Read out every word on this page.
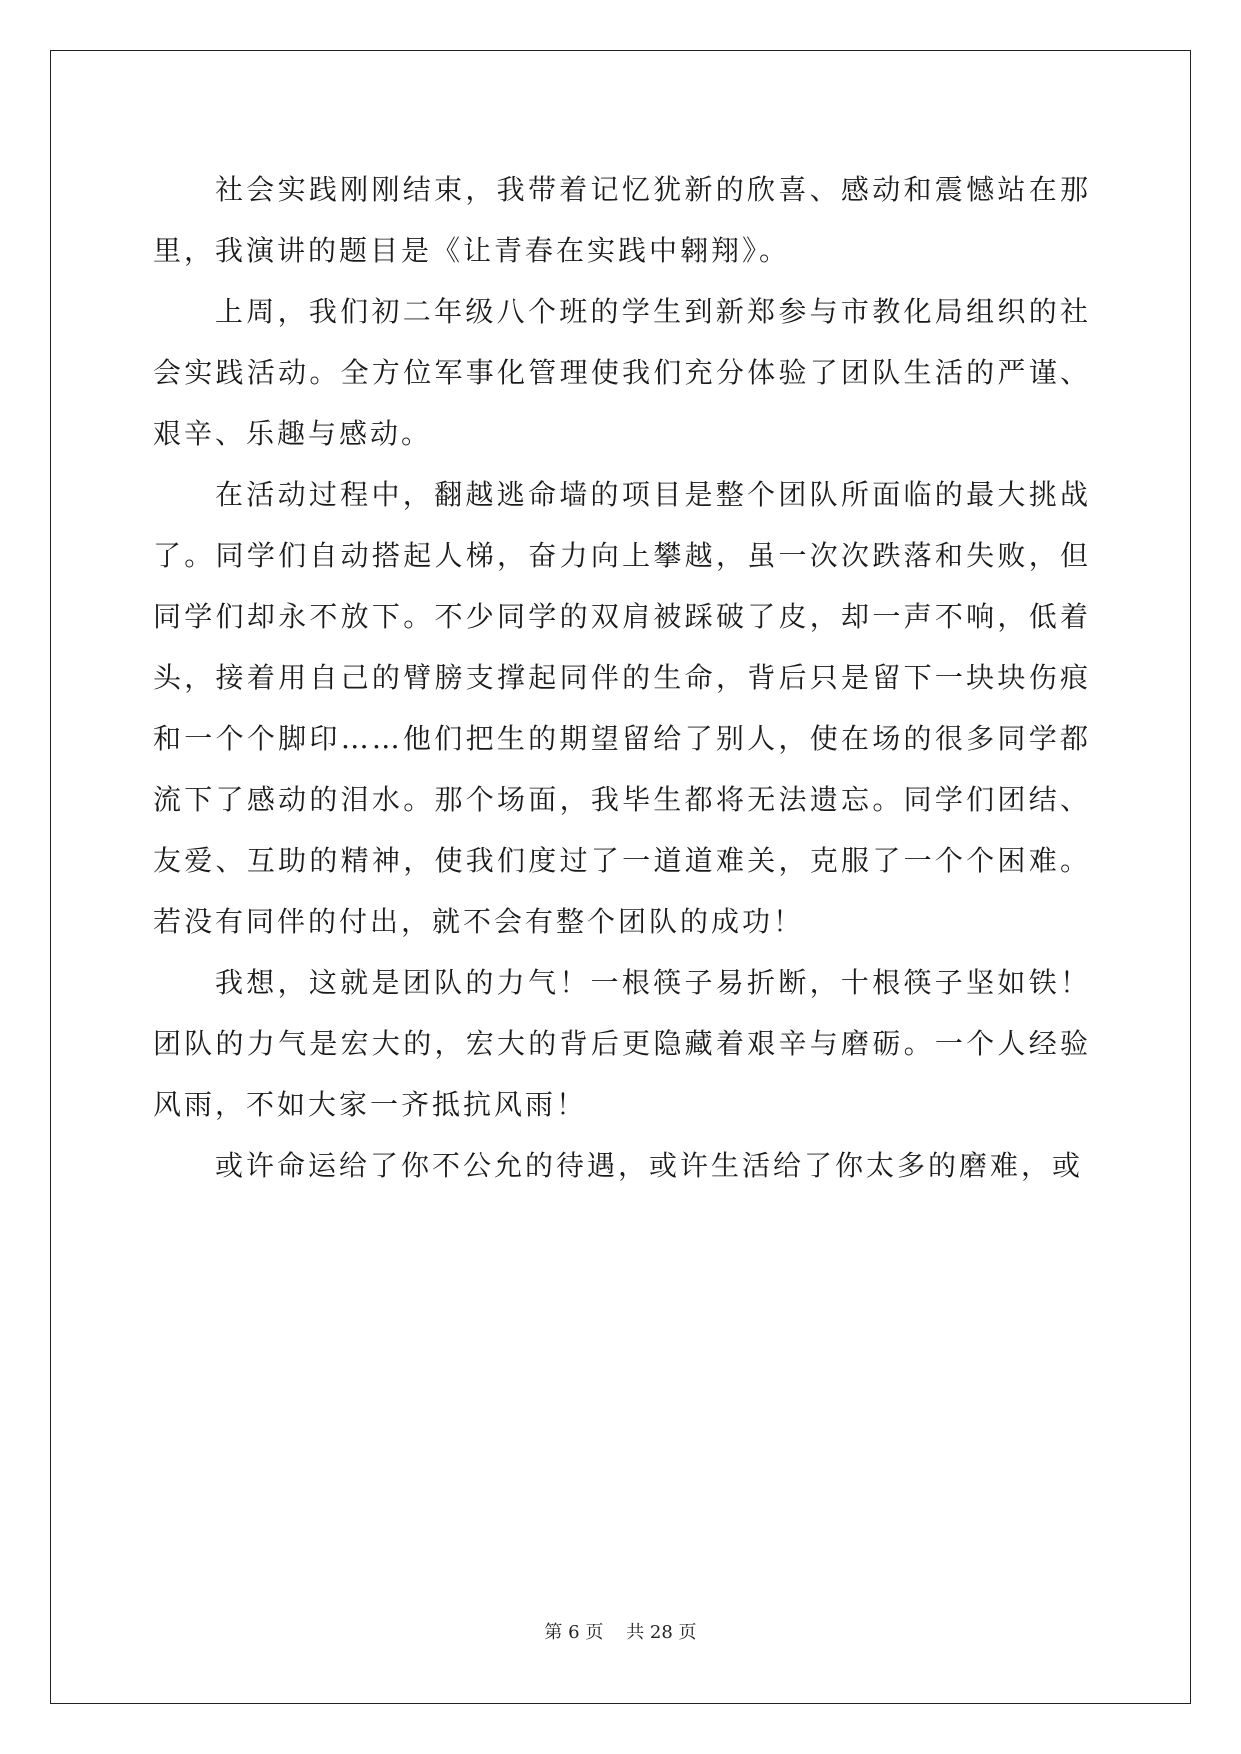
社会实践刚刚结束，我带着记忆犹新的欣喜、感动和震憾站在那里，我演讲的题目是《让青春在实践中翱翔》。

上周，我们初二年级八个班的学生到新郑参与市教化局组织的社会实践活动。全方位军事化管理使我们充分体验了团队生活的严谨、艰辛、乐趣与感动。

在活动过程中，翻越逃命墙的项目是整个团队所面临的最大挑战了。同学们自动搭起人梯，奋力向上攀越，虽一次次跌落和失败，但同学们却永不放下。不少同学的双肩被踩破了皮，却一声不响，低着头，接着用自己的臂膀支撑起同伴的生命，背后只是留下一块块伤痕和一个个脚印……他们把生的期望留给了别人，使在场的很多同学都流下了感动的泪水。那个场面，我毕生都将无法遗忘。同学们团结、友爱、互助的精神，使我们度过了一道道难关，克服了一个个困难。若没有同伴的付出，就不会有整个团队的成功！

我想，这就是团队的力气！一根筷子易折断，十根筷子坚如铁！团队的力气是宏大的，宏大的背后更隐藏着艰辛与磨砺。一个人经验风雨，不如大家一齐抵抗风雨！

或许命运给了你不公允的待遇，或许生活给了你太多的磨难，或

第 6 页    共 28 页
